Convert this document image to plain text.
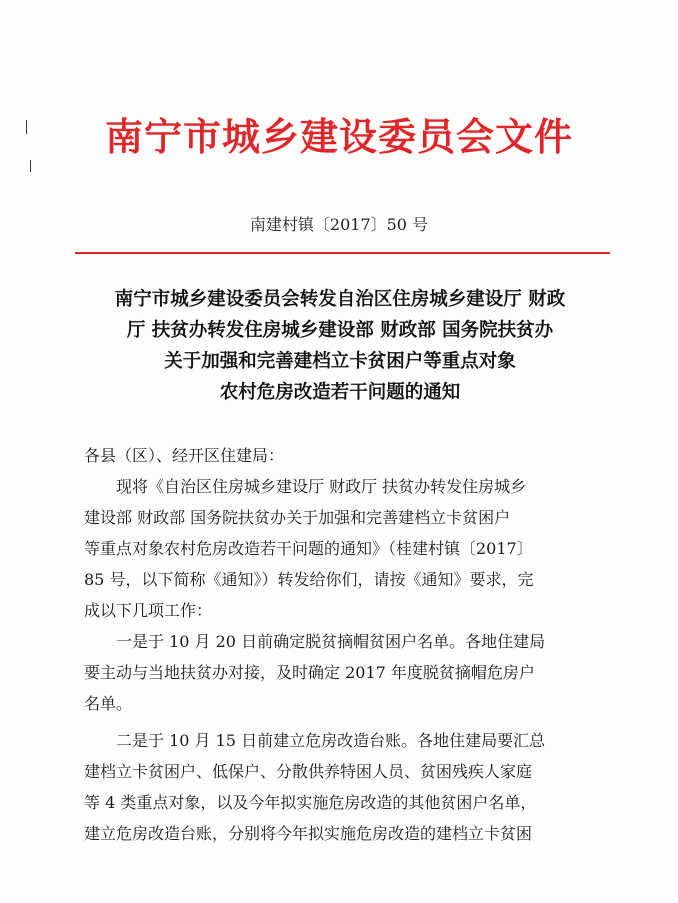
南宁市城乡建设委员会文件
南建村镇〔2017〕50 号
南宁市城乡建设委员会转发自治区住房城乡建设厅 财政
厅 扶贫办转发住房城乡建设部 财政部 国务院扶贫办
关于加强和完善建档立卡贫困户等重点对象
农村危房改造若干问题的通知
各县（区）、经开区住建局：
现将《自治区住房城乡建设厅 财政厅 扶贫办转发住房城乡
建设部 财政部 国务院扶贫办关于加强和完善建档立卡贫困户
等重点对象农村危房改造若干问题的通知》（桂建村镇〔2017〕
85 号，以下简称《通知》）转发给你们，请按《通知》要求，完
成以下几项工作：
一是于 10 月 20 日前确定脱贫摘帽贫困户名单。各地住建局
要主动与当地扶贫办对接，及时确定 2017 年度脱贫摘帽危房户
名单。
二是于 10 月 15 日前建立危房改造台账。各地住建局要汇总
建档立卡贫困户、低保户、分散供养特困人员、贫困残疾人家庭
等 4 类重点对象，以及今年拟实施危房改造的其他贫困户名单，
建立危房改造台账，分别将今年拟实施危房改造的建档立卡贫困
